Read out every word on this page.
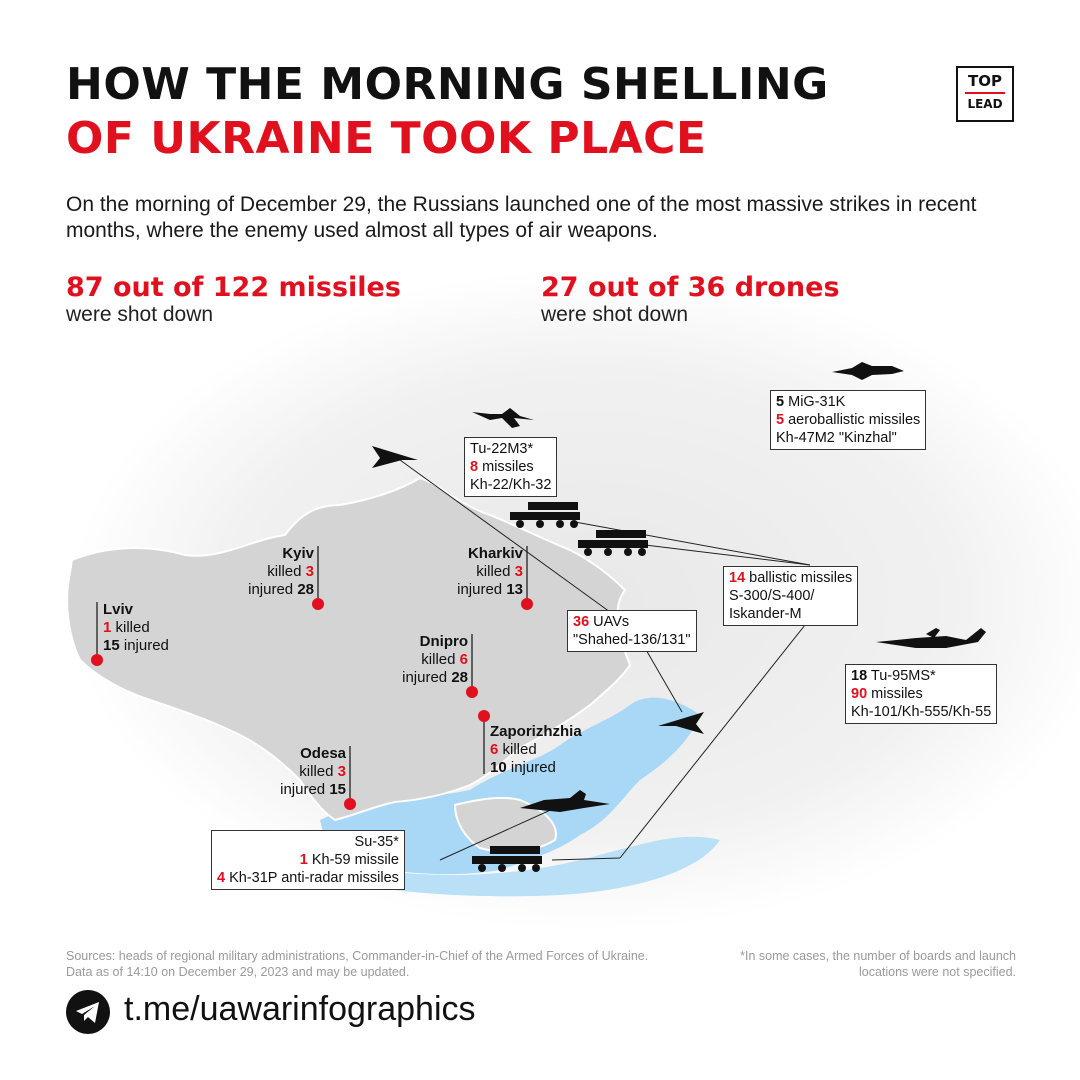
HOW THE MORNING SHELLING
OF UKRAINE TOOK PLACE
TOP
LEAD
On the morning of December 29, the Russians launched one of the most massive strikes in recent months, where the enemy used almost all types of air weapons.
87 out of 122 missiles
were shot down
27 out of 36 drones
were shot down
Kyiv
killed 3
injured 28
Kharkiv
killed 3
injured 13
Lviv
1 killed
15 injured	Dnipro
killed 6
injured 28
Zaporizhzhia
6 killed
10 injured
Odesa
killed 3
injured 15
5 MiG-31K
5 aeroballistic missiles
Kh-47M2 "Kinzhal"
Tu-22M3*
8 missiles
Kh-22/Kh-32
14 ballistic missiles
S-300/S-400/
Iskander-M
36 UAVs
"Shahed-136/131"
18 Tu-95MS*
90 missiles
Kh-101/Kh-555/Kh-55
Su-35*
1 Kh-59 missile
4 Kh-31P anti-radar missiles
Sources: heads of regional military administrations, Commander-in-Chief of the Armed Forces of Ukraine. Data as of 14:10 on December 29, 2023 and may be updated.
*In some cases, the number of boards and launch locations were not specified.
t.me/uawarinfographics
